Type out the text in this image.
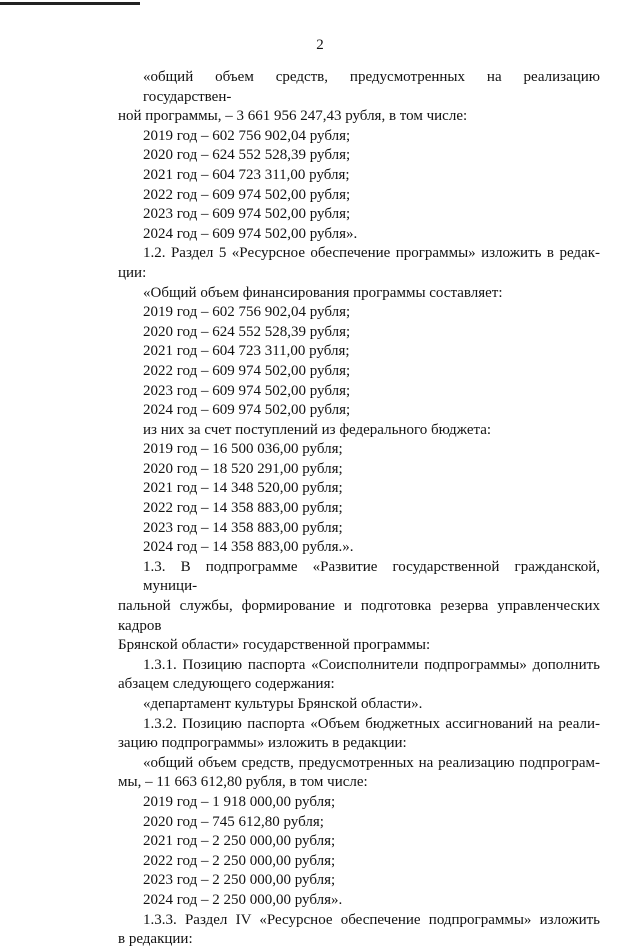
2
«общий объем средств, предусмотренных на реализацию государствен-
ной программы, – 3 661 956 247,43 рубля, в том числе:
2019 год – 602 756 902,04 рубля;
2020 год – 624 552 528,39 рубля;
2021 год – 604 723 311,00 рубля;
2022 год – 609 974 502,00 рубля;
2023 год – 609 974 502,00 рубля;
2024 год – 609 974 502,00 рубля».
1.2. Раздел 5 «Ресурсное обеспечение программы» изложить в редак-
ции:
«Общий объем финансирования программы составляет:
2019 год – 602 756 902,04 рубля;
2020 год – 624 552 528,39 рубля;
2021 год – 604 723 311,00 рубля;
2022 год – 609 974 502,00 рубля;
2023 год – 609 974 502,00 рубля;
2024 год – 609 974 502,00 рубля;
из них за счет поступлений из федерального бюджета:
2019 год – 16 500 036,00 рубля;
2020 год – 18 520 291,00 рубля;
2021 год – 14 348 520,00 рубля;
2022 год – 14 358 883,00 рубля;
2023 год – 14 358 883,00 рубля;
2024 год – 14 358 883,00 рубля.».
1.3. В подпрограмме «Развитие государственной гражданской, муници-
пальной службы, формирование и подготовка резерва управленческих кадров
Брянской области» государственной программы:
1.3.1. Позицию паспорта «Соисполнители подпрограммы» дополнить
абзацем следующего содержания:
«департамент культуры Брянской области».
1.3.2. Позицию паспорта «Объем бюджетных ассигнований на реали-
зацию подпрограммы» изложить в редакции:
«общий объем средств, предусмотренных на реализацию подпрограм-
мы, – 11 663 612,80 рубля, в том числе:
2019 год – 1 918 000,00 рубля;
2020 год – 745 612,80 рубля;
2021 год – 2 250 000,00 рубля;
2022 год – 2 250 000,00 рубля;
2023 год – 2 250 000,00 рубля;
2024 год – 2 250 000,00 рубля».
1.3.3. Раздел IV «Ресурсное обеспечение подпрограммы» изложить
в редакции:
